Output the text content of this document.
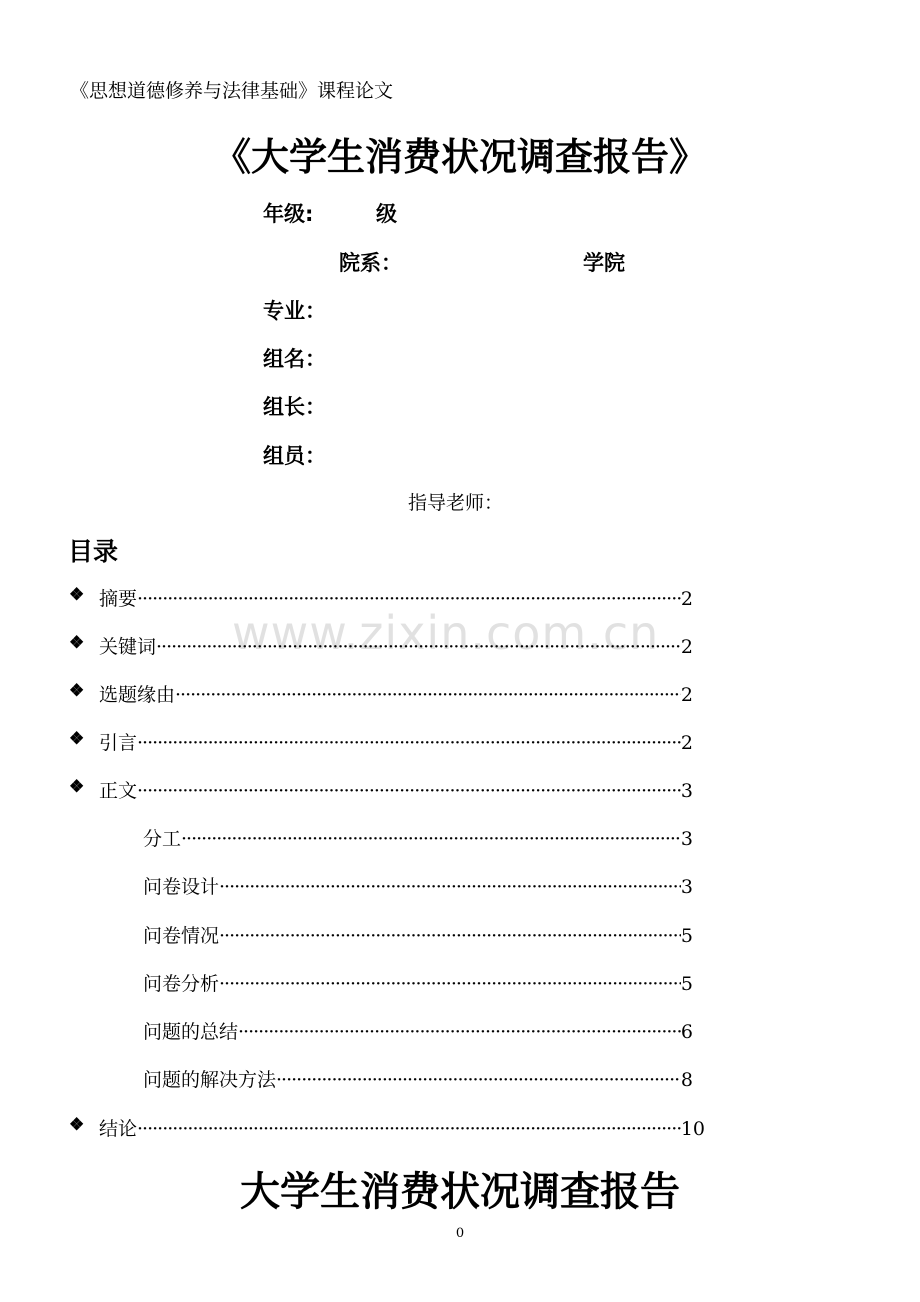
《思想道德修养与法律基础》课程论文
《大学生消费状况调查报告》
年级:	级
院系：	学院
专业：
组名：
组长：
组员：
指导老师：
目录
www.zixin.com.cn
❖ 摘要 ·····	2
❖ 关键词 ·····	2
❖ 选题缘由 ·····	2
❖ 引言 ·····	2
❖ 正文 ·····	3
分工 ·····	3
问卷设计 ·····	3
问卷情况 ·····	5
问卷分析 ·····	5
问题的总结 ·····	6
问题的解决方法 ·····	8
❖ 结论 ·····	10
大学生消费状况调查报告
0
